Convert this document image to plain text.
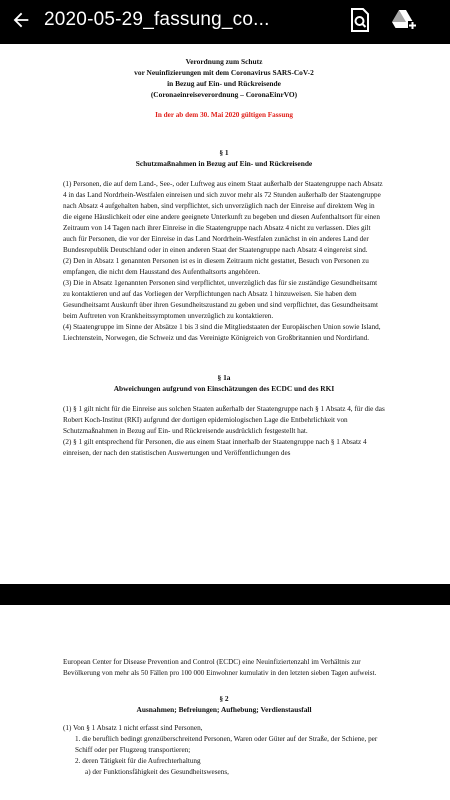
2020-05-29_fassung_co...

Verordnung zum Schutz

vor Neuinfizierungen mit dem Coronavirus SARS-CoV-2

in Bezug auf Ein- und Rückreisende

(Coronaeinreiseverordnung – CoronaEinrVO)

In der ab dem 30. Mai 2020 gültigen Fassung

§ 1

Schutzmaßnahmen in Bezug auf Ein- und Rückreisende

(1) Personen, die auf dem Land-, See-, oder Luftweg aus einem Staat außerhalb der Staatengruppe nach Absatz 4 in das Land Nordrhein-Westfalen einreisen und sich zuvor mehr als 72 Stunden außerhalb der Staatengruppe nach Absatz 4 aufgehalten haben, sind verpflichtet, sich unverzüglich nach der Einreise auf direktem Weg in die eigene Häuslichkeit oder eine andere geeignete Unterkunft zu begeben und diesen Aufenthaltsort für einen Zeitraum von 14 Tagen nach ihrer Einreise in die Staatengruppe nach Absatz 4 nicht zu verlassen. Dies gilt auch für Personen, die vor der Einreise in das Land Nordrhein-Westfalen zunächst in ein anderes Land der Bundesrepublik Deutschland oder in einen anderen Staat der Staatengruppe nach Absatz 4 eingereist sind.

(2) Den in Absatz 1 genannten Personen ist es in diesem Zeitraum nicht gestattet, Besuch von Personen zu empfangen, die nicht dem Hausstand des Aufenthaltsorts angehören.

(3) Die in Absatz 1genannten Personen sind verpflichtet, unverzüglich das für sie zuständige Gesundheitsamt zu kontaktieren und auf das Vorliegen der Verpflichtungen nach Absatz 1 hinzuweisen. Sie haben dem Gesundheitsamt Auskunft über ihren Gesundheitszustand zu geben und sind verpflichtet, das Gesundheitsamt beim Auftreten von Krankheitssymptomen unverzüglich zu kontaktieren.

(4) Staatengruppe im Sinne der Absätze 1 bis 3 sind die Mitgliedstaaten der Europäischen Union sowie Island, Liechtenstein, Norwegen, die Schweiz und das Vereinigte Königreich von Großbritannien und Nordirland.

§ 1a

Abweichungen aufgrund von Einschätzungen des ECDC und des RKI

(1) § 1 gilt nicht für die Einreise aus solchen Staaten außerhalb der Staatengruppe nach § 1 Absatz 4, für die das Robert Koch-Institut (RKI) aufgrund der dortigen epidemiologischen Lage die Entbehrlichkeit von Schutzmaßnahmen in Bezug auf Ein- und Rückreisende ausdrücklich festgestellt hat.

(2) § 1 gilt entsprechend für Personen, die aus einem Staat innerhalb der Staatengruppe nach § 1 Absatz 4 einreisen, der nach den statistischen Auswertungen und Veröffentlichungen des

European Center for Disease Prevention and Control (ECDC) eine Neuinfiziertenzahl im Verhältnis zur Bevölkerung von mehr als 50 Fällen pro 100 000 Einwohner kumulativ in den letzten sieben Tagen aufweist.

§ 2

Ausnahmen; Befreiungen; Aufhebung; Verdienstausfall

(1) Von § 1 Absatz 1 nicht erfasst sind Personen,

1. die beruflich bedingt grenzüberschreitend Personen, Waren oder Güter auf der Straße, der Schiene, per Schiff oder per Flugzeug transportieren;

2. deren Tätigkeit für die Aufrechterhaltung

a) der Funktionsfähigkeit des Gesundheitswesens,
